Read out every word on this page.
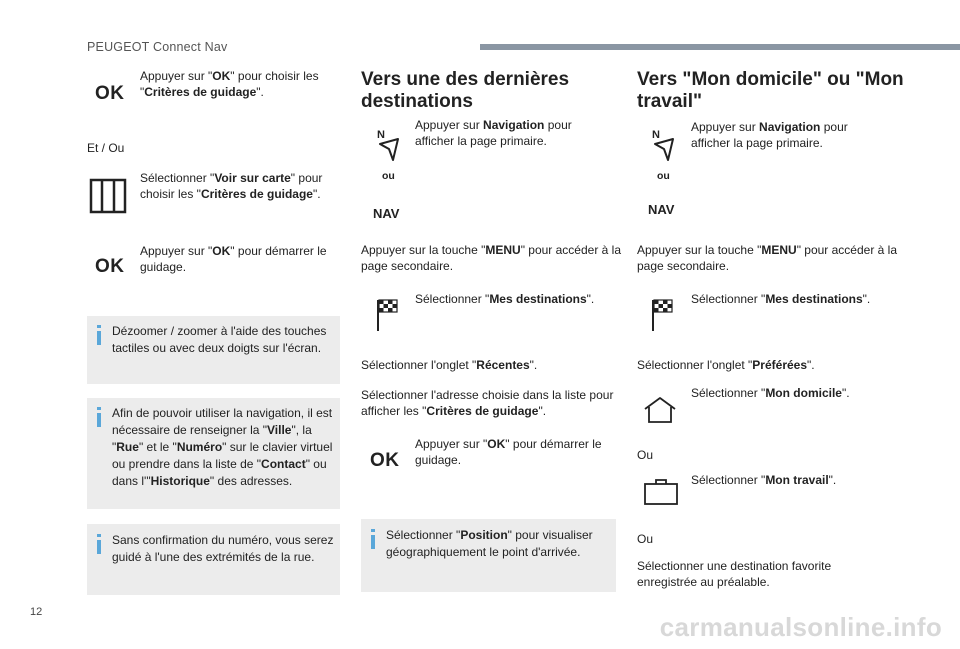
PEUGEOT Connect Nav
OK
Appuyer sur "OK" pour choisir les "Critères de guidage".
Et / Ou
Sélectionner "Voir sur carte" pour choisir les "Critères de guidage".
OK
Appuyer sur "OK" pour démarrer le guidage.
Dézoomer / zoomer à l'aide des touches tactiles ou avec deux doigts sur l'écran.
Afin de pouvoir utiliser la navigation, il est nécessaire de renseigner la "Ville", la "Rue" et le "Numéro" sur le clavier virtuel ou prendre dans la liste de "Contact" ou dans l'"Historique" des adresses.
Sans confirmation du numéro, vous serez guidé à l'une des extrémités de la rue.
Vers une des dernières destinations
N
ou
NAV
Appuyer sur Navigation pour afficher la page primaire.
Appuyer sur la touche "MENU" pour accéder à la page secondaire.
Sélectionner "Mes destinations".
Sélectionner l'onglet "Récentes".
Sélectionner l'adresse choisie dans la liste pour afficher les "Critères de guidage".
OK
Appuyer sur "OK" pour démarrer le guidage.
Sélectionner "Position" pour visualiser géographiquement le point d'arrivée.
Vers "Mon domicile" ou "Mon travail"
N
ou
NAV
Appuyer sur Navigation pour afficher la page primaire.
Appuyer sur la touche "MENU" pour accéder à la page secondaire.
Sélectionner "Mes destinations".
Sélectionner l'onglet "Préférées".
Sélectionner "Mon domicile".
Ou
Sélectionner "Mon travail".
Ou
Sélectionner une destination favorite enregistrée au préalable.
12	carmanualsonline.info
